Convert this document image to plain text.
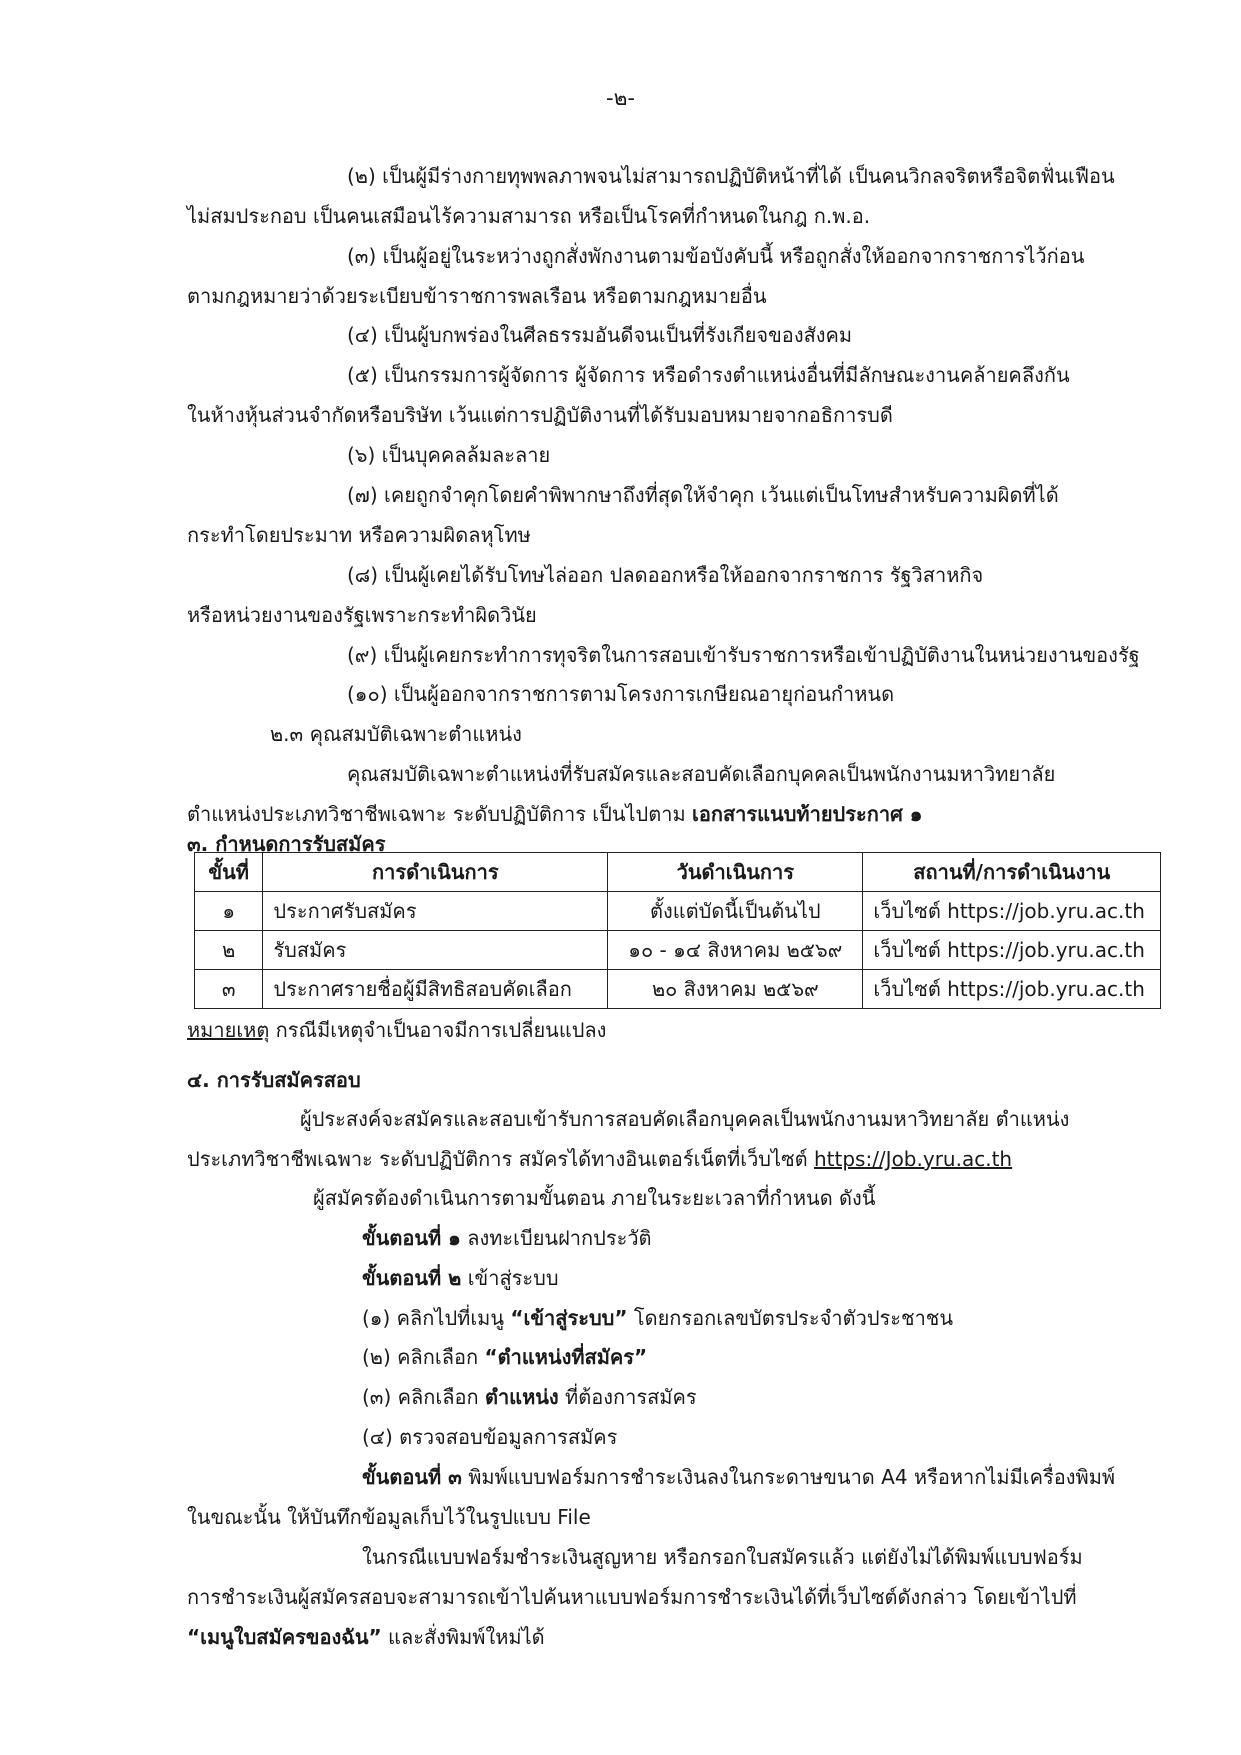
-๒-
(๒) เป็นผู้มีร่างกายทุพพลภาพจนไม่สามารถปฏิบัติหน้าที่ได้ เป็นคนวิกลจริตหรือจิตฟั่นเฟือน
ไม่สมประกอบ เป็นคนเสมือนไร้ความสามารถ หรือเป็นโรคที่กำหนดในกฎ ก.พ.อ.
(๓) เป็นผู้อยู่ในระหว่างถูกสั่งพักงานตามข้อบังคับนี้ หรือถูกสั่งให้ออกจากราชการไว้ก่อน
ตามกฎหมายว่าด้วยระเบียบข้าราชการพลเรือน หรือตามกฎหมายอื่น
(๔) เป็นผู้บกพร่องในศีลธรรมอันดีจนเป็นที่รังเกียจของสังคม
(๕) เป็นกรรมการผู้จัดการ ผู้จัดการ หรือดำรงตำแหน่งอื่นที่มีลักษณะงานคล้ายคลึงกัน
ในห้างหุ้นส่วนจำกัดหรือบริษัท เว้นแต่การปฏิบัติงานที่ได้รับมอบหมายจากอธิการบดี
(๖) เป็นบุคคลล้มละลาย
(๗) เคยถูกจำคุกโดยคำพิพากษาถึงที่สุดให้จำคุก เว้นแต่เป็นโทษสำหรับความผิดที่ได้
กระทำโดยประมาท หรือความผิดลหุโทษ
(๘) เป็นผู้เคยได้รับโทษไล่ออก ปลดออกหรือให้ออกจากราชการ รัฐวิสาหกิจ
หรือหน่วยงานของรัฐเพราะกระทำผิดวินัย
(๙) เป็นผู้เคยกระทำการทุจริตในการสอบเข้ารับราชการหรือเข้าปฏิบัติงานในหน่วยงานของรัฐ
(๑๐) เป็นผู้ออกจากราชการตามโครงการเกษียณอายุก่อนกำหนด
๒.๓ คุณสมบัติเฉพาะตำแหน่ง
คุณสมบัติเฉพาะตำแหน่งที่รับสมัครและสอบคัดเลือกบุคคลเป็นพนักงานมหาวิทยาลัย
ตำแหน่งประเภทวิชาชีพเฉพาะ ระดับปฏิบัติการ เป็นไปตาม เอกสารแนบท้ายประกาศ ๑
๓. กำหนดการรับสมัคร
ขั้นที่	การดำเนินการ	วันดำเนินการ	สถานที่/การดำเนินงาน
๑	ประกาศรับสมัคร	ตั้งแต่บัดนี้เป็นต้นไป	เว็บไซต์ https://job.yru.ac.th
๒	รับสมัคร	๑๐ - ๑๔ สิงหาคม ๒๕๖๙	เว็บไซต์ https://job.yru.ac.th
๓	ประกาศรายชื่อผู้มีสิทธิสอบคัดเลือก	๒๐ สิงหาคม ๒๕๖๙	เว็บไซต์ https://job.yru.ac.th
หมายเหตุ กรณีมีเหตุจำเป็นอาจมีการเปลี่ยนแปลง
๔. การรับสมัครสอบ
ผู้ประสงค์จะสมัครและสอบเข้ารับการสอบคัดเลือกบุคคลเป็นพนักงานมหาวิทยาลัย ตำแหน่ง
ประเภทวิชาชีพเฉพาะ ระดับปฏิบัติการ สมัครได้ทางอินเตอร์เน็ตที่เว็บไซต์ https://Job.yru.ac.th
ผู้สมัครต้องดำเนินการตามขั้นตอน ภายในระยะเวลาที่กำหนด ดังนี้
ขั้นตอนที่ ๑ ลงทะเบียนฝากประวัติ
ขั้นตอนที่ ๒ เข้าสู่ระบบ
(๑) คลิกไปที่เมนู “เข้าสู่ระบบ” โดยกรอกเลขบัตรประจำตัวประชาชน
(๒) คลิกเลือก “ตำแหน่งที่สมัคร”
(๓) คลิกเลือก ตำแหน่ง ที่ต้องการสมัคร
(๔) ตรวจสอบข้อมูลการสมัคร
ขั้นตอนที่ ๓ พิมพ์แบบฟอร์มการชำระเงินลงในกระดาษขนาด A4 หรือหากไม่มีเครื่องพิมพ์
ในขณะนั้น ให้บันทึกข้อมูลเก็บไว้ในรูปแบบ File
ในกรณีแบบฟอร์มชำระเงินสูญหาย หรือกรอกใบสมัครแล้ว แต่ยังไม่ได้พิมพ์แบบฟอร์ม
การชำระเงินผู้สมัครสอบจะสามารถเข้าไปค้นหาแบบฟอร์มการชำระเงินได้ที่เว็บไซต์ดังกล่าว โดยเข้าไปที่
“เมนูใบสมัครของฉัน” และสั่งพิมพ์ใหม่ได้
